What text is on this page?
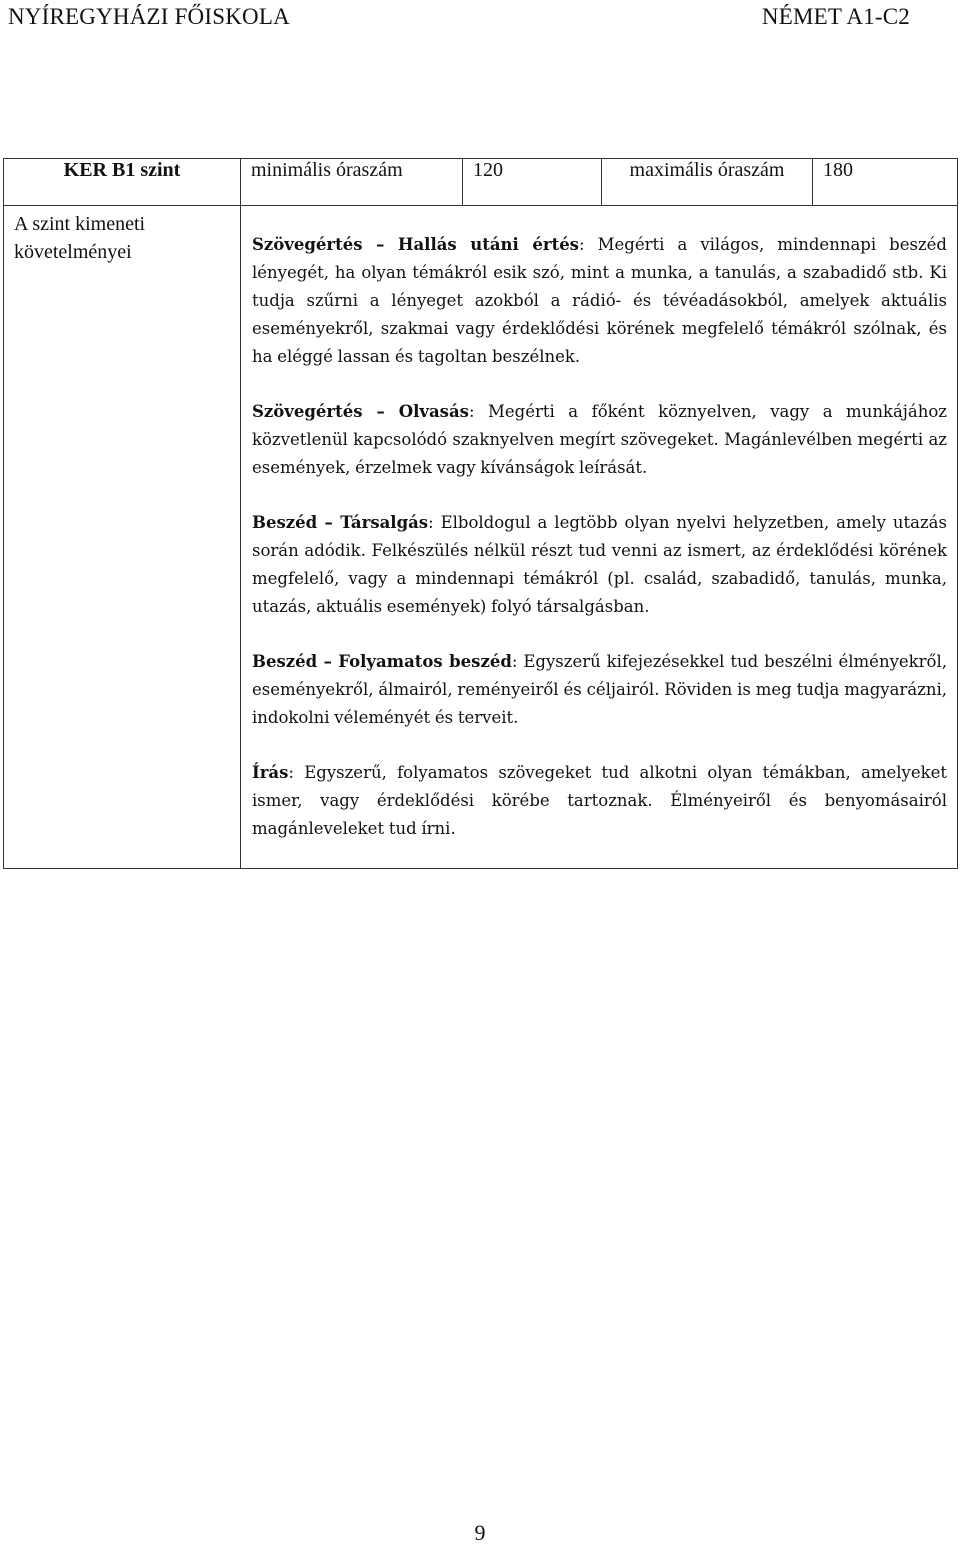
NYÍREGYHÁZI FŐISKOLA	NÉMET A1-C2
KER B1 szint	minimális óraszám	120	maximális óraszám	180
A szint kimeneti követelményei	Szövegértés – Hallás utáni értés: Megérti a világos, mindennapi beszéd lényegét, ha olyan témákról esik szó, mint a munka, a tanulás, a szabadidő stb. Ki tudja szűrni a lényeget azokból a rádió- és tévéadásokból, amelyek aktuális eseményekről, szakmai vagy érdeklődési körének megfelelő témákról szólnak, és ha eléggé lassan és tagoltan beszélnek.

Szövegértés – Olvasás: Megérti a főként köznyelven, vagy a munkájához közvetlenül kapcsolódó szaknyelven megírt szövegeket. Magánlevélben megérti az események, érzelmek vagy kívánságok leírását.

Beszéd – Társalgás: Elboldogul a legtöbb olyan nyelvi helyzetben, amely utazás során adódik. Felkészülés nélkül részt tud venni az ismert, az érdeklődési körének megfelelő, vagy a mindennapi témákról (pl. család, szabadidő, tanulás, munka, utazás, aktuális események) folyó társalgásban.

Beszéd – Folyamatos beszéd: Egyszerű kifejezésekkel tud beszélni élményekről, eseményekről, álmairól, reményeiről és céljairól. Röviden is meg tudja magyarázni, indokolni véleményét és terveit.

Írás: Egyszerű, folyamatos szövegeket tud alkotni olyan témákban, amelyeket ismer, vagy érdeklődési körébe tartoznak. Élményeiről és benyomásairól magánleveleket tud írni.			

9
